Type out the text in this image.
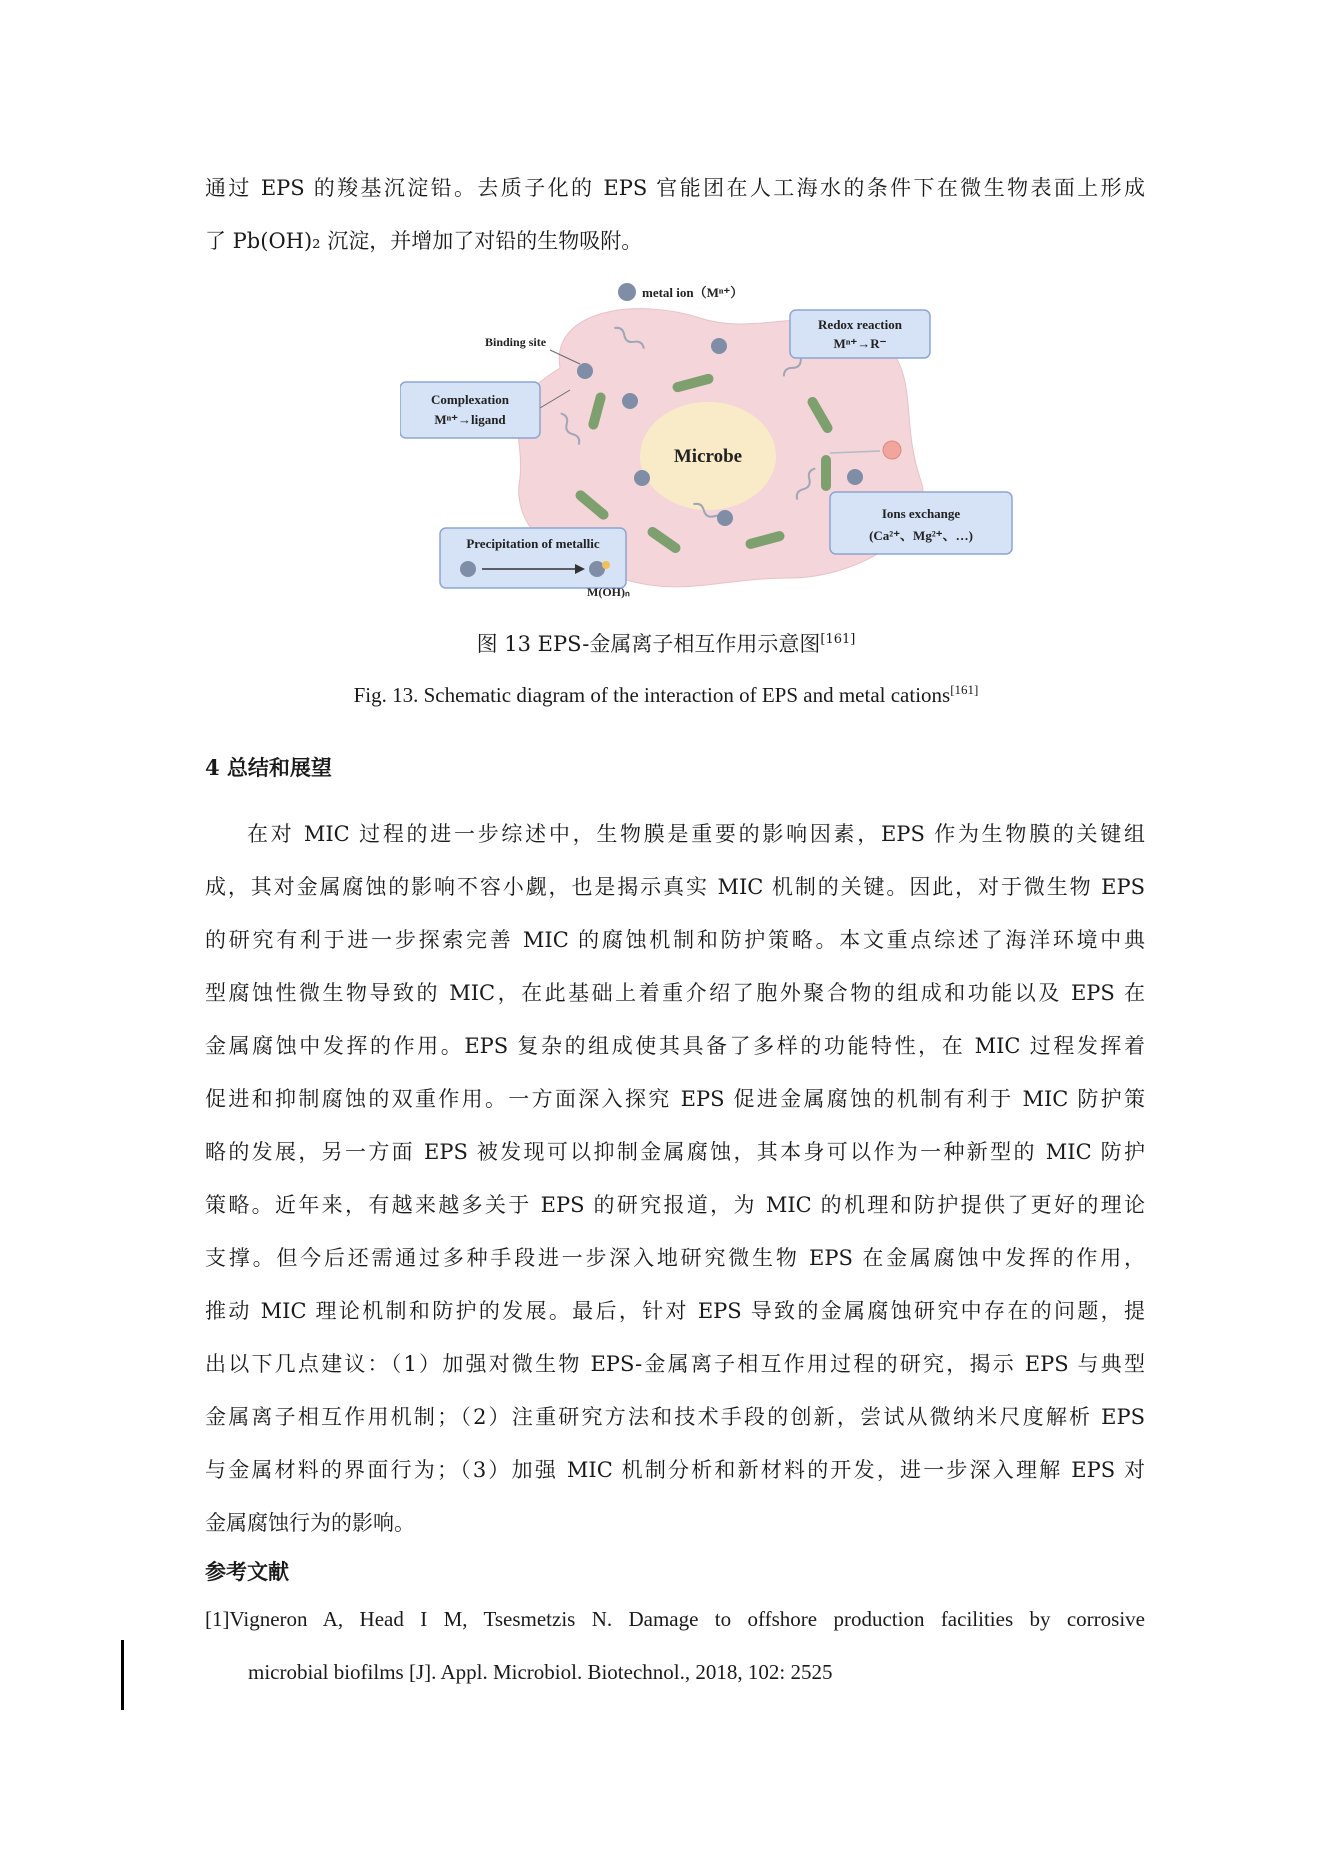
通过 EPS 的羧基沉淀铅。去质子化的 EPS 官能团在人工海水的条件下在微生物表面上形成
了 Pb(OH)₂ 沉淀，并增加了对铅的生物吸附。
metal ion（Mⁿ⁺）
Microbe
Binding site
Complexation
Mⁿ⁺→ligand
Redox reaction
Mⁿ⁺→R⁻
Ions exchange
(Ca²⁺、Mg²⁺、…)
Precipitation of metallic
M(OH)ₙ
图 13 EPS-金属离子相互作用示意图[161]
Fig. 13. Schematic diagram of the interaction of EPS and metal cations[161]
4 总结和展望
在对 MIC 过程的进一步综述中，生物膜是重要的影响因素，EPS 作为生物膜的关键组
成，其对金属腐蚀的影响不容小觑，也是揭示真实 MIC 机制的关键。因此，对于微生物 EPS
的研究有利于进一步探索完善 MIC 的腐蚀机制和防护策略。本文重点综述了海洋环境中典
型腐蚀性微生物导致的 MIC，在此基础上着重介绍了胞外聚合物的组成和功能以及 EPS 在
金属腐蚀中发挥的作用。EPS 复杂的组成使其具备了多样的功能特性，在 MIC 过程发挥着
促进和抑制腐蚀的双重作用。一方面深入探究 EPS 促进金属腐蚀的机制有利于 MIC 防护策
略的发展，另一方面 EPS 被发现可以抑制金属腐蚀，其本身可以作为一种新型的 MIC 防护
策略。近年来，有越来越多关于 EPS 的研究报道，为 MIC 的机理和防护提供了更好的理论
支撑。但今后还需通过多种手段进一步深入地研究微生物 EPS 在金属腐蚀中发挥的作用，
推动 MIC 理论机制和防护的发展。最后，针对 EPS 导致的金属腐蚀研究中存在的问题，提
出以下几点建议：（1）加强对微生物 EPS-金属离子相互作用过程的研究，揭示 EPS 与典型
金属离子相互作用机制；（2）注重研究方法和技术手段的创新，尝试从微纳米尺度解析 EPS
与金属材料的界面行为；（3）加强 MIC 机制分析和新材料的开发，进一步深入理解 EPS 对
金属腐蚀行为的影响。
参考文献
[1]Vigneron A, Head I M, Tsesmetzis N. Damage to offshore production facilities by corrosive
microbial biofilms [J]. Appl. Microbiol. Biotechnol., 2018, 102: 2525
